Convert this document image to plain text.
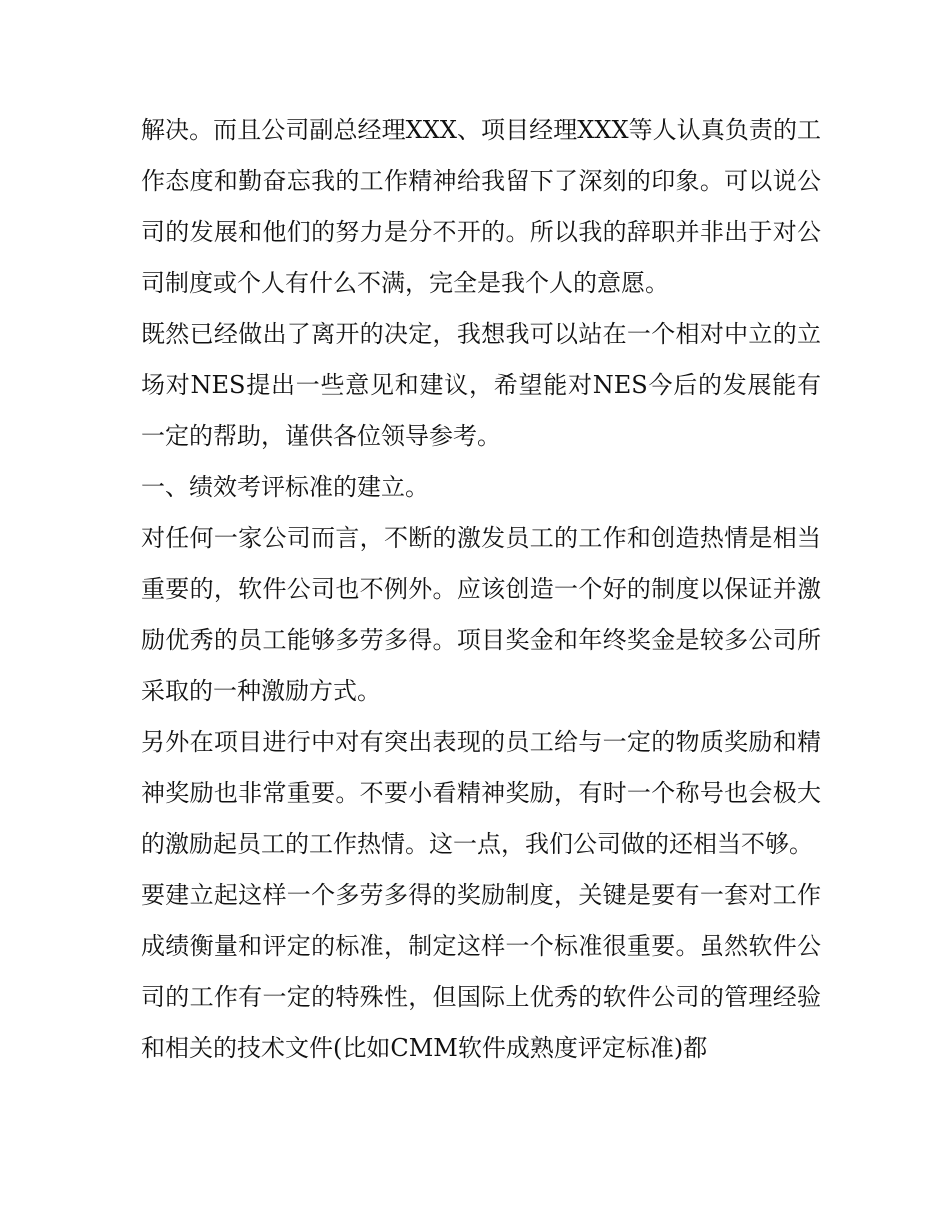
解决。而且公司副总经理XXX、项目经理XXX等人认真负责的工作态度和勤奋忘我的工作精神给我留下了深刻的印象。可以说公司的发展和他们的努力是分不开的。所以我的辞职并非出于对公司制度或个人有什么不满，完全是我个人的意愿。

既然已经做出了离开的决定，我想我可以站在一个相对中立的立场对NES提出一些意见和建议，希望能对NES今后的发展能有一定的帮助，谨供各位领导参考。

一、绩效考评标准的建立。

对任何一家公司而言，不断的激发员工的工作和创造热情是相当重要的，软件公司也不例外。应该创造一个好的制度以保证并激励优秀的员工能够多劳多得。项目奖金和年终奖金是较多公司所采取的一种激励方式。

另外在项目进行中对有突出表现的员工给与一定的物质奖励和精神奖励也非常重要。不要小看精神奖励，有时一个称号也会极大的激励起员工的工作热情。这一点，我们公司做的还相当不够。

要建立起这样一个多劳多得的奖励制度，关键是要有一套对工作成绩衡量和评定的标准，制定这样一个标准很重要。虽然软件公司的工作有一定的特殊性，但国际上优秀的软件公司的管理经验和相关的技术文件(比如CMM软件成熟度评定标准)都
